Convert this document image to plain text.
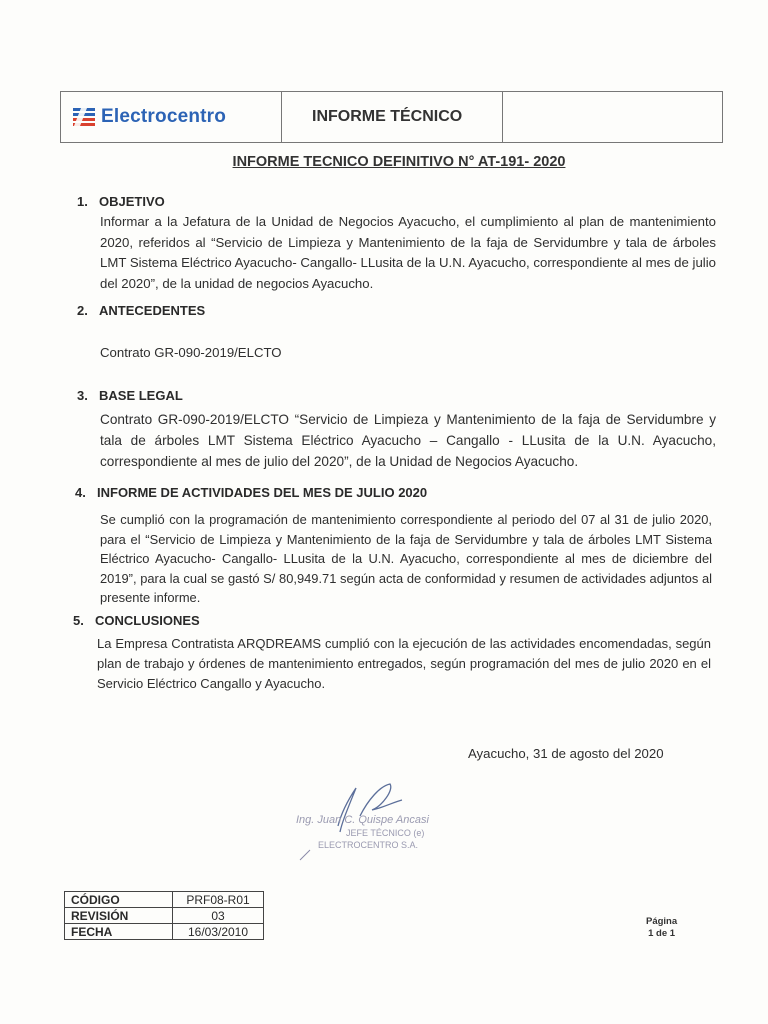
Electrocentro	INFORME TÉCNICO
INFORME TECNICO DEFINITIVO N° AT-191- 2020
1. OBJETIVO
Informar a la Jefatura de la Unidad de Negocios Ayacucho, el cumplimiento al plan de mantenimiento 2020, referidos al “Servicio de Limpieza y Mantenimiento de la faja de Servidumbre y tala de árboles LMT Sistema Eléctrico Ayacucho- Cangallo- LLusita de la U.N. Ayacucho, correspondiente al mes de julio del 2020”, de la unidad de negocios Ayacucho.
2. ANTECEDENTES
Contrato GR-090-2019/ELCTO
3. BASE LEGAL
Contrato GR-090-2019/ELCTO “Servicio de Limpieza y Mantenimiento de la faja de Servidumbre y tala de árboles LMT Sistema Eléctrico Ayacucho – Cangallo - LLusita de la U.N. Ayacucho, correspondiente al mes de julio del 2020”, de la Unidad de Negocios Ayacucho.
4. INFORME DE ACTIVIDADES DEL MES DE JULIO 2020
Se cumplió con la programación de mantenimiento correspondiente al periodo del 07 al 31 de julio 2020, para el “Servicio de Limpieza y Mantenimiento de la faja de Servidumbre y tala de árboles LMT Sistema Eléctrico Ayacucho- Cangallo- LLusita de la U.N. Ayacucho, correspondiente al mes de diciembre del 2019”, para la cual se gastó S/ 80,949.71 según acta de conformidad y resumen de actividades adjuntos al presente informe.
5. CONCLUSIONES
La Empresa Contratista ARQDREAMS cumplió con la ejecución de las actividades encomendadas, según plan de trabajo y órdenes de mantenimiento entregados, según programación del mes de julio 2020 en el Servicio Eléctrico Cangallo y Ayacucho.
Ayacucho, 31 de agosto del 2020
Ing. Juan C. Quispe Ancasi
JEFE TÉCNICO (e)
ELECTROCENTRO S.A.
CÓDIGO	PRF08-R01
REVISIÓN	03
FECHA	16/03/2010
Página
1 de 1
